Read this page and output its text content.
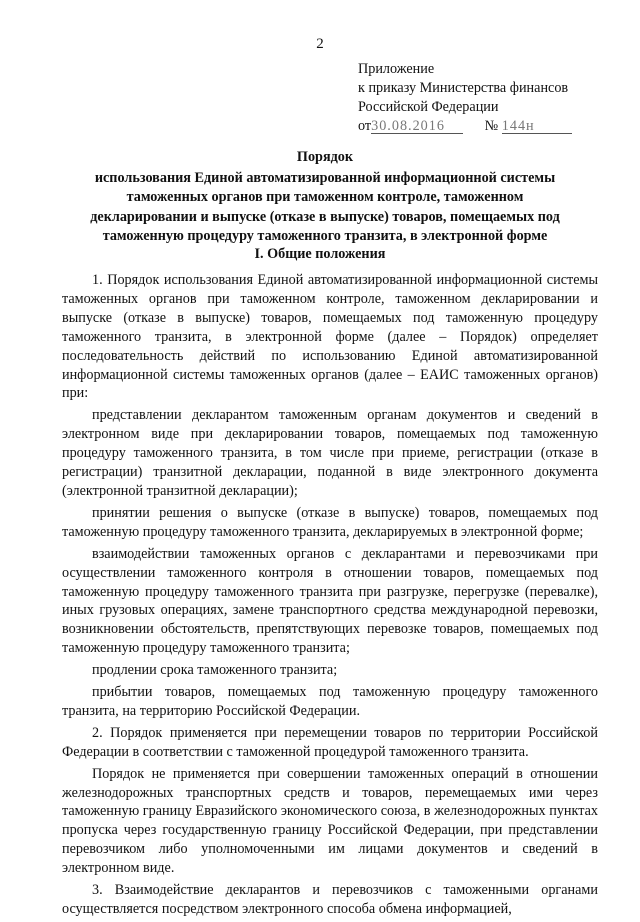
2
Приложение
к приказу Министерства финансов
Российской Федерации
от30.08.2016	№ 144н
Порядок
использования Единой автоматизированной информационной системы
таможенных органов при таможенном контроле, таможенном
декларировании и выпуске (отказе в выпуске) товаров, помещаемых под
таможенную процедуру таможенного транзита, в электронной форме
I. Общие положения

1. Порядок использования Единой автоматизированной информационной системы таможенных органов при таможенном контроле, таможенном декларировании и выпуске (отказе в выпуске) товаров, помещаемых под таможенную процедуру таможенного транзита, в электронной форме (далее – Порядок) определяет последовательность действий по использованию Единой автоматизированной информационной системы таможенных органов (далее – ЕАИС таможенных органов) при:

представлении декларантом таможенным органам документов и сведений в электронном виде при декларировании товаров, помещаемых под таможенную процедуру таможенного транзита, в том числе при приеме, регистрации (отказе в регистрации) транзитной декларации, поданной в виде электронного документа (электронной транзитной декларации);

принятии решения о выпуске (отказе в выпуске) товаров, помещаемых под таможенную процедуру таможенного транзита, декларируемых в электронной форме;

взаимодействии таможенных органов с декларантами и перевозчиками при осуществлении таможенного контроля в отношении товаров, помещаемых под таможенную процедуру таможенного транзита при разгрузке, перегрузке (перевалке), иных грузовых операциях, замене транспортного средства международной перевозки, возникновении обстоятельств, препятствующих перевозке товаров, помещаемых под таможенную процедуру таможенного транзита;

продлении срока таможенного транзита;

прибытии товаров, помещаемых под таможенную процедуру таможенного транзита, на территорию Российской Федерации.

2. Порядок применяется при перемещении товаров по территории Российской Федерации в соответствии с таможенной процедурой таможенного транзита.

Порядок не применяется при совершении таможенных операций в отношении железнодорожных транспортных средств и товаров, перемещаемых ими через таможенную границу Евразийского экономического союза, в железнодорожных пунктах пропуска через государственную границу Российской Федерации, при представлении перевозчиком либо уполномоченными им лицами документов и сведений в электронном виде.

3. Взаимодействие декларантов и перевозчиков с таможенными органами осуществляется посредством электронного способа обмена информацией,
